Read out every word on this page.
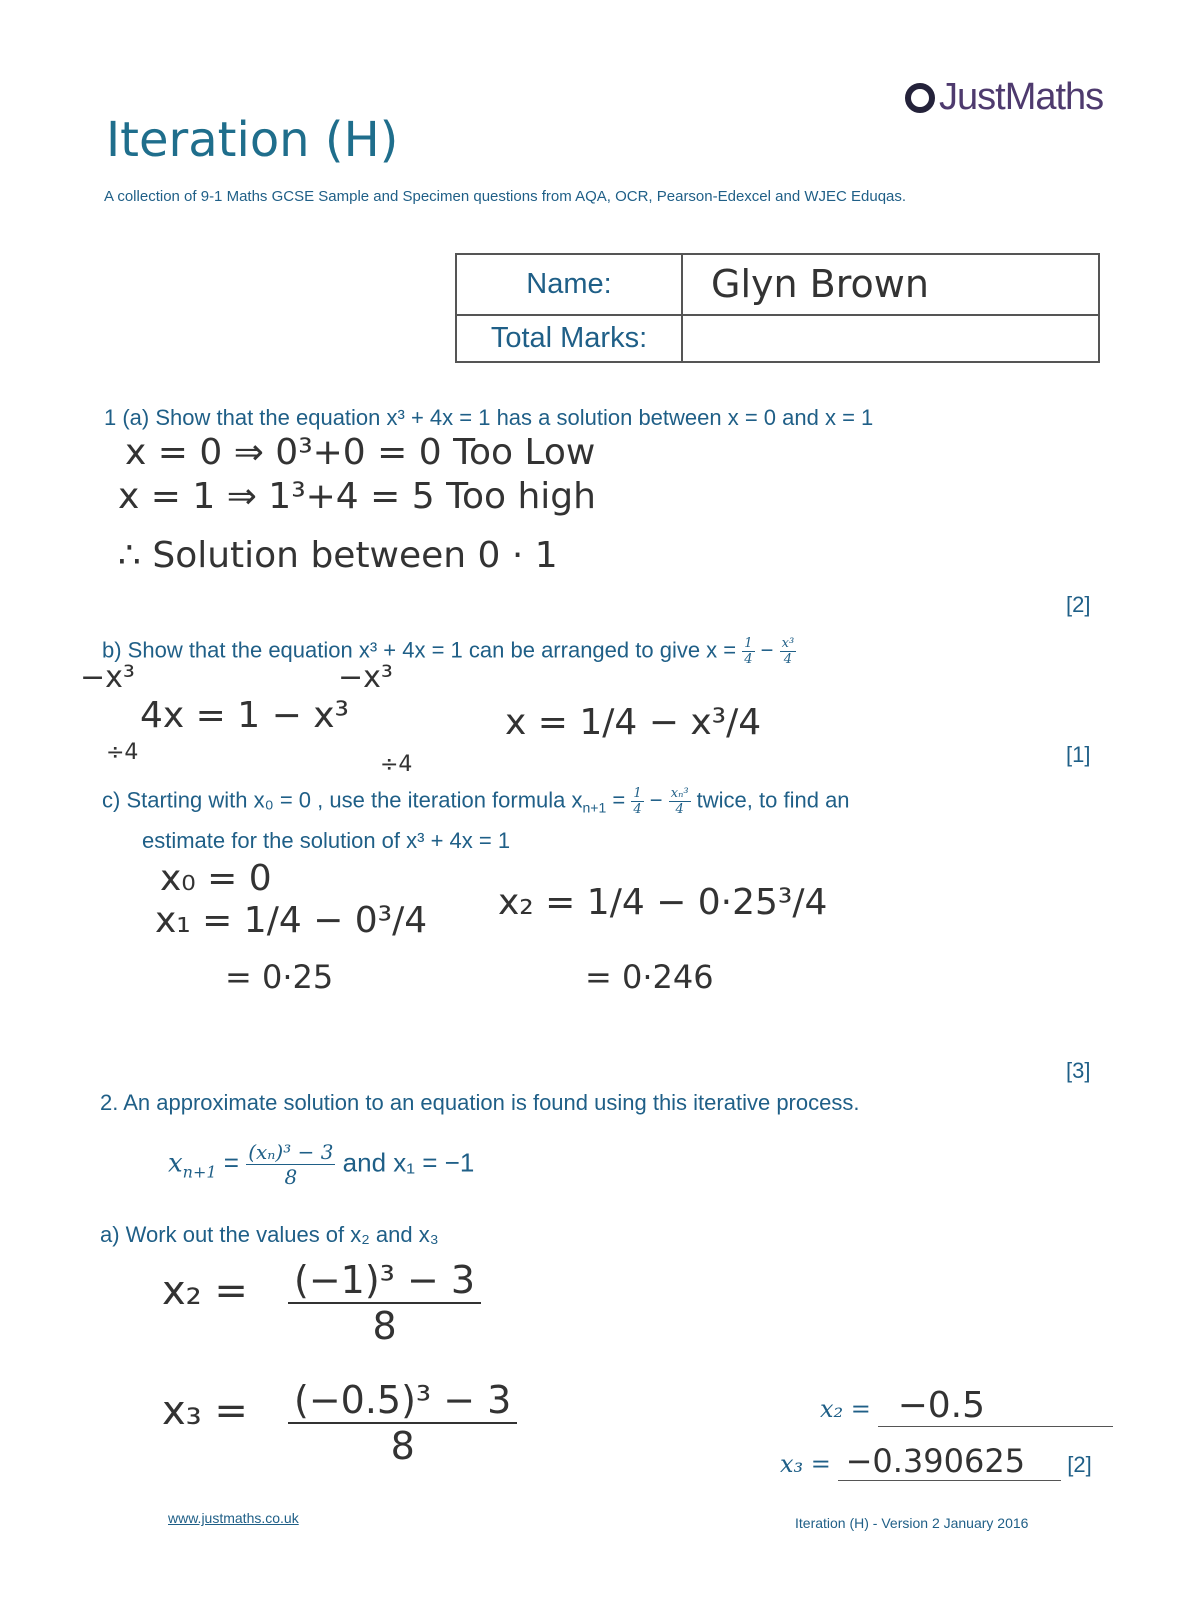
Iteration (H)
A collection of 9-1 Maths GCSE Sample and Specimen questions from AQA, OCR, Pearson-Edexcel and WJEC Eduqas.
JustMaths
Name:	Glyn Brown
Total Marks:	
1 (a) Show that the equation x³ + 4x = 1 has a solution between x = 0 and x = 1
x = 0 ⇒ 0³+0 = 0 Too Low
x = 1 ⇒ 1³+4 = 5 Too high
∴ Solution between 0 · 1
[2]
b) Show that the equation x³ + 4x = 1 can be arranged to give $x = \frac{1}{4} - \frac{\text{x³}}{4}$
−x³	−x³
4x = 1 − x³
÷4	÷4
x = 1/4 − x³/4
[1]
c) Starting with x₀ = 0 , use the iteration formula $x_{n+1} = \frac{1}{4} - \frac{\text{xₙ³}}{4}$ twice, to find an
estimate for the solution of x³ + 4x = 1
x₀ = 0
x₁ = 1/4 − 0³/4
= 0·25
x₂ = 1/4 − 0·25³/4
= 0·246
[3]
2. An approximate solution to an equation is found using this iterative process.
$x_{n+1} = \frac{\text{(xₙ)³ − 3}}{8}$ and x₁ = −1
a) Work out the values of x₂ and x₃
$x_2 = \frac{\text{(−1)³ − 3}}{8}$
$x_3 = \frac{\text{(−0.5)³ − 3}}{8}$	x₂ = −0.5
x₃ = −0.390625 [2]
www.justmaths.co.uk	Iteration (H) - Version 2 January 2016
